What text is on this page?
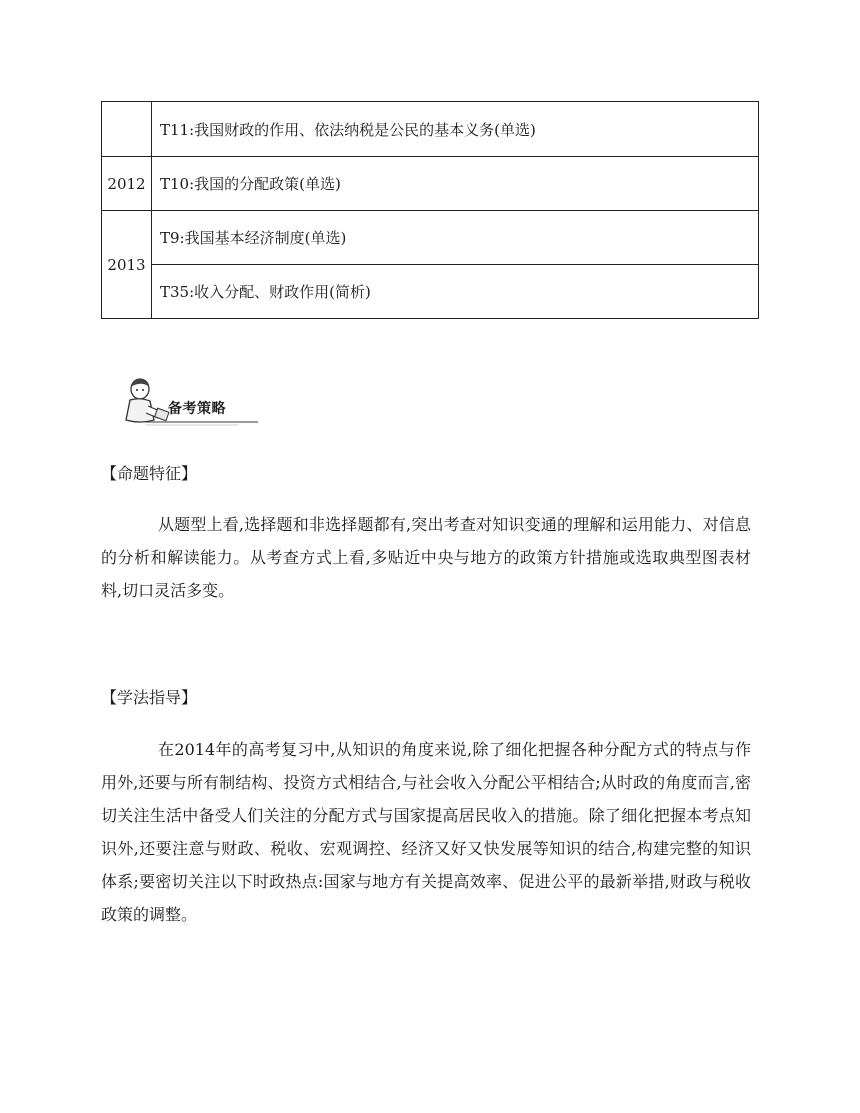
	T11:我国财政的作用、依法纳税是公民的基本义务(单选)
2012	T10:我国的分配政策(单选)
2013	T9:我国基本经济制度(单选)
	T35:收入分配、财政作用(简析)
备考策略
【命题特征】

从题型上看,选择题和非选择题都有,突出考查对知识变通的理解和运用能力、对信息的分析和解读能力。从考查方式上看,多贴近中央与地方的政策方针措施或选取典型图表材料,切口灵活多变。

【学法指导】

在2014年的高考复习中,从知识的角度来说,除了细化把握各种分配方式的特点与作用外,还要与所有制结构、投资方式相结合,与社会收入分配公平相结合;从时政的角度而言,密切关注生活中备受人们关注的分配方式与国家提高居民收入的措施。除了细化把握本考点知识外,还要注意与财政、税收、宏观调控、经济又好又快发展等知识的结合,构建完整的知识体系;要密切关注以下时政热点:国家与地方有关提高效率、促进公平的最新举措,财政与税收政策的调整。
